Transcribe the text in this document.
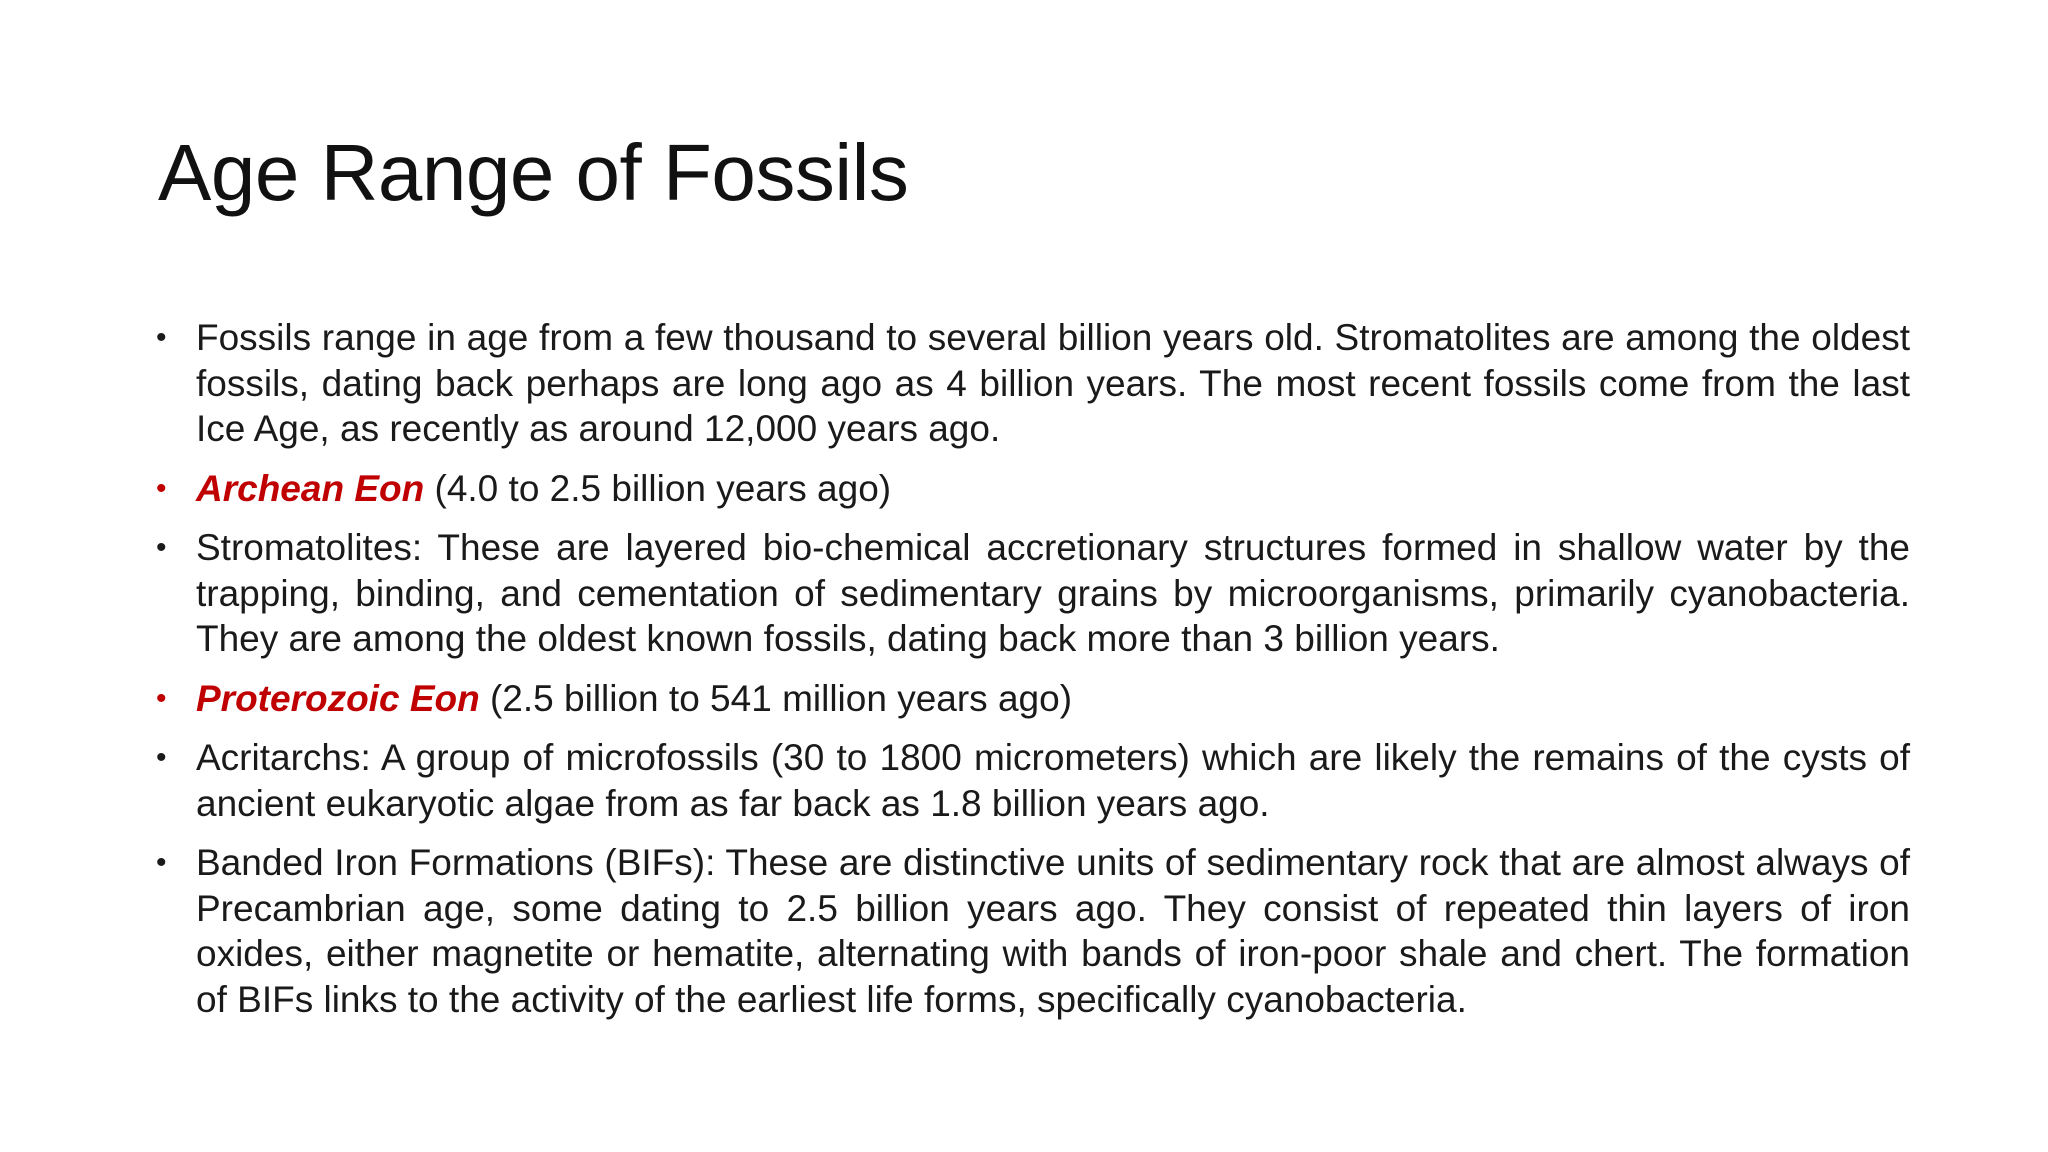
Age Range of Fossils
• Fossils range in age from a few thousand to several billion years old. Stromatolites are among the oldest fossils, dating back perhaps are long ago as 4 billion years. The most recent fossils come from the last Ice Age, as recently as around 12,000 years ago.
• Archean Eon (4.0 to 2.5 billion years ago)
• Stromatolites: These are layered bio-chemical accretionary structures formed in shallow water by the trapping, binding, and cementation of sedimentary grains by microorganisms, primarily cyanobacteria. They are among the oldest known fossils, dating back more than 3 billion years.
• Proterozoic Eon (2.5 billion to 541 million years ago)
• Acritarchs: A group of microfossils (30 to 1800 micrometers) which are likely the remains of the cysts of ancient eukaryotic algae from as far back as 1.8 billion years ago.
• Banded Iron Formations (BIFs): These are distinctive units of sedimentary rock that are almost always of Precambrian age, some dating to 2.5 billion years ago. They consist of repeated thin layers of iron oxides, either magnetite or hematite, alternating with bands of iron-poor shale and chert. The formation of BIFs links to the activity of the earliest life forms, specifically cyanobacteria.
